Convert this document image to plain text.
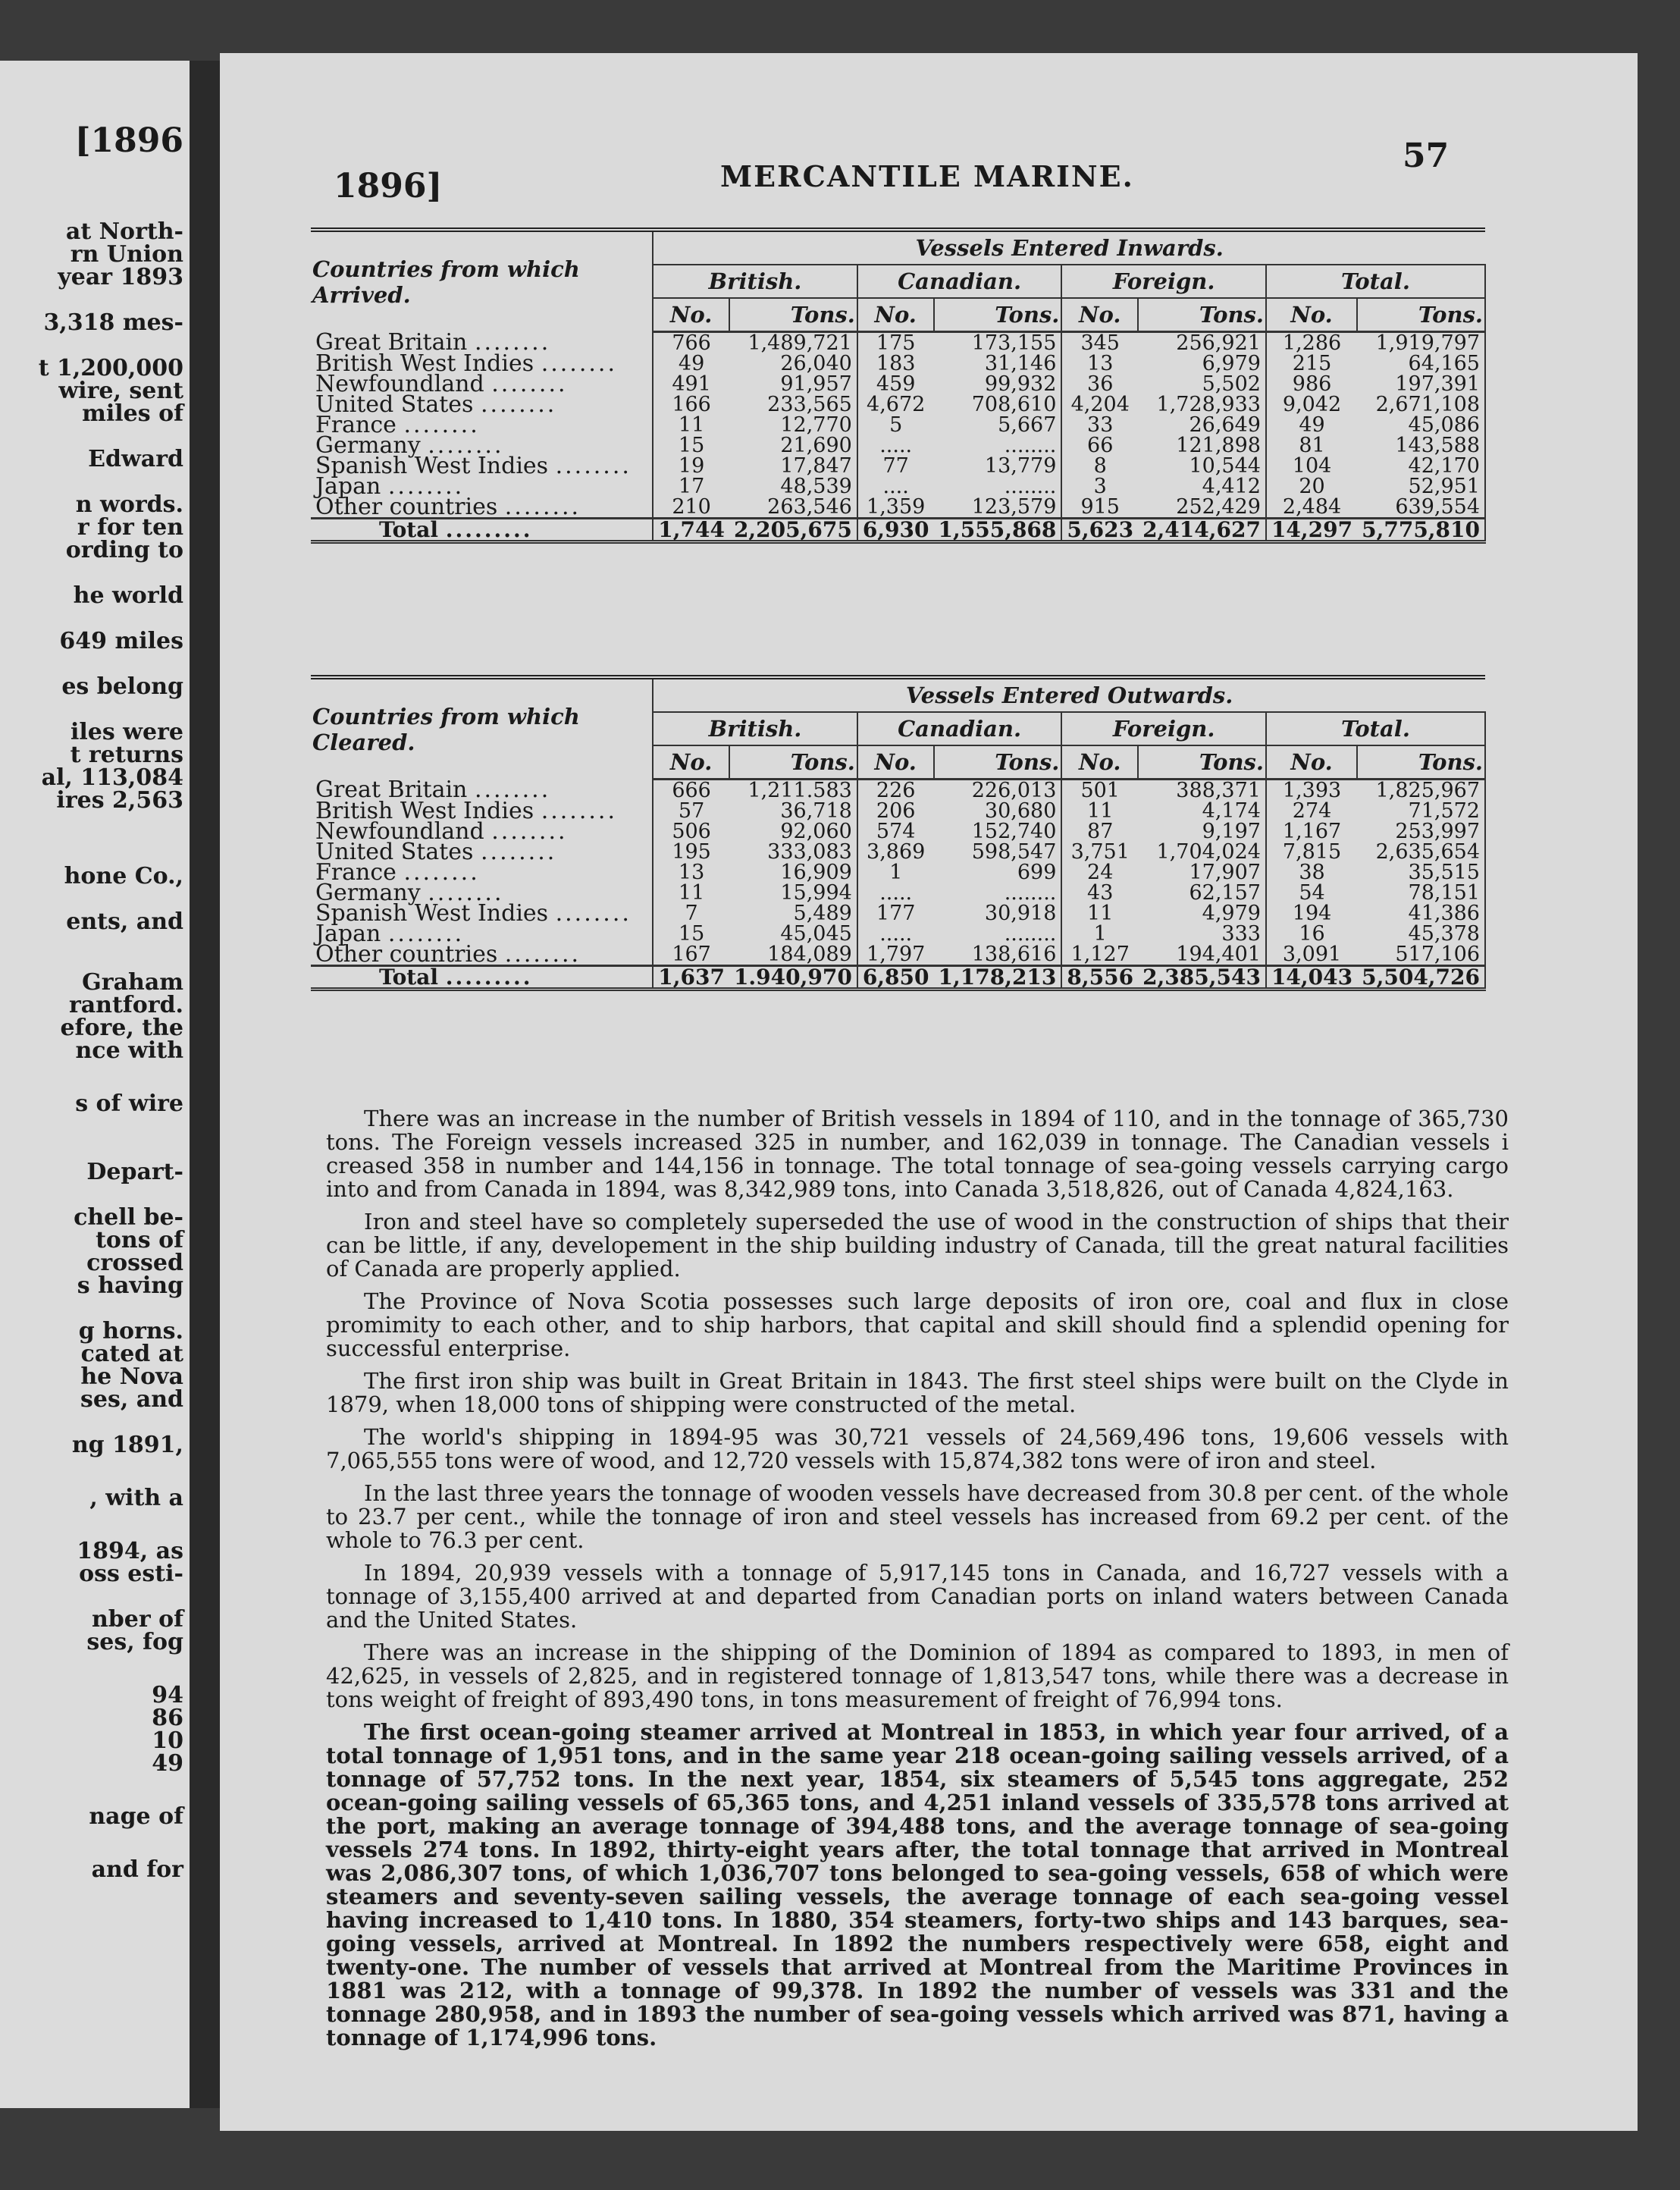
[1896
at North-
rn Union
year 1893
3,318 mes-
t 1,200,000
wire, sent
miles of
Edward
n words.
r for ten
ording to
he world
649 miles
es belong
iles were
t returns
al, 113,084
ires 2,563
hone Co.,
ents, and
Graham
rantford.
efore, the
nce with
s of wire
Depart-
chell be-
tons of
crossed
s having
g horns.
cated at
he Nova
ses, and
ng 1891,
, with a
1894, as
oss esti-
nber of
ses, fog
94
86
10
49
nage of
and for
1896]	MERCANTILE MARINE.
57
Countries from which Arrived.	Vessels Entered Inwards.							
	British.		Canadian.		Foreign.		Total.	
	No.	Tons.	No.	Tons.	No.	Tons.	No.	Tons.
Great Britain ........	766	1,489,721	175	173,155	345	256,921	1,286	1,919,797
British West Indies ........	49	26,040	183	31,146	13	6,979	215	64,165
Newfoundland ........	491	91,957	459	99,932	36	5,502	986	197,391
United States ........	166	233,565	4,672	708,610	4,204	1,728,933	9,042	2,671,108
France ........	11	12,770	5	5,667	33	26,649	49	45,086
Germany ........	15	21,690	.....	........	66	121,898	81	143,588
Spanish West Indies ........	19	17,847	77	13,779	8	10,544	104	42,170
Japan ........	17	48,539	....	........	3	4,412	20	52,951
Other countries ........	210	263,546	1,359	123,579	915	252,429	2,484	639,554
Total .........	1,744	2,205,675	6,930	1,555,868	5,623	2,414,627	14,297	5,775,810
Countries from which Cleared.	Vessels Entered Outwards.							
	British.		Canadian.		Foreign.		Total.	
	No.	Tons.	No.	Tons.	No.	Tons.	No.	Tons.
Great Britain ........	666	1,211.583	226	226,013	501	388,371	1,393	1,825,967
British West Indies ........	57	36,718	206	30,680	11	4,174	274	71,572
Newfoundland ........	506	92,060	574	152,740	87	9,197	1,167	253,997
United States ........	195	333,083	3,869	598,547	3,751	1,704,024	7,815	2,635,654
France ........	13	16,909	1	699	24	17,907	38	35,515
Germany ........	11	15,994	.....	........	43	62,157	54	78,151
Spanish West Indies ........	7	5,489	177	30,918	11	4,979	194	41,386
Japan ........	15	45,045	.....	........	1	333	16	45,378
Other countries ........	167	184,089	1,797	138,616	1,127	194,401	3,091	517,106
Total .........	1,637	1.940,970	6,850	1,178,213	8,556	2,385,543	14,043	5,504,726

There was an increase in the number of British vessels in 1894 of 110, and in the tonnage of 365,730 tons. The Foreign vessels increased 325 in number, and 162,039 in tonnage. The Canadian vessels i creased 358 in number and 144,156 in tonnage. The total tonnage of sea-going vessels carrying cargo into and from Canada in 1894, was 8,342,989 tons, into Canada 3,518,826, out of Canada 4,824,163.

Iron and steel have so completely superseded the use of wood in the construction of ships that their can be little, if any, developement in the ship building industry of Canada, till the great natural facilities of Canada are properly applied.

The Province of Nova Scotia possesses such large deposits of iron ore, coal and flux in close promimity to each other, and to ship harbors, that capital and skill should find a splendid opening for successful enterprise.

The first iron ship was built in Great Britain in 1843. The first steel ships were built on the Clyde in 1879, when 18,000 tons of shipping were constructed of the metal.

The world's shipping in 1894-95 was 30,721 vessels of 24,569,496 tons, 19,606 vessels with 7,065,555 tons were of wood, and 12,720 vessels with 15,874,382 tons were of iron and steel.

In the last three years the tonnage of wooden vessels have decreased from 30.8 per cent. of the whole to 23.7 per cent., while the tonnage of iron and steel vessels has increased from 69.2 per cent. of the whole to 76.3 per cent.

In 1894, 20,939 vessels with a tonnage of 5,917,145 tons in Canada, and 16,727 vessels with a tonnage of 3,155,400 arrived at and departed from Canadian ports on inland waters between Canada and the United States.

There was an increase in the shipping of the Dominion of 1894 as compared to 1893, in men of 42,625, in vessels of 2,825, and in registered tonnage of 1,813,547 tons, while there was a decrease in tons weight of freight of 893,490 tons, in tons measurement of freight of 76,994 tons.

The first ocean-going steamer arrived at Montreal in 1853, in which year four arrived, of a total tonnage of 1,951 tons, and in the same year 218 ocean-going sailing vessels arrived, of a tonnage of 57,752 tons. In the next year, 1854, six steamers of 5,545 tons aggregate, 252 ocean-going sailing vessels of 65,365 tons, and 4,251 inland vessels of 335,578 tons arrived at the port, making an average tonnage of 394,488 tons, and the average tonnage of sea-going vessels 274 tons. In 1892, thirty-eight years after, the total tonnage that arrived in Montreal was 2,086,307 tons, of which 1,036,707 tons belonged to sea-going vessels, 658 of which were steamers and seventy-seven sailing vessels, the average tonnage of each sea-going vessel having increased to 1,410 tons. In 1880, 354 steamers, forty-two ships and 143 barques, sea-going vessels, arrived at Montreal. In 1892 the numbers respectively were 658, eight and twenty-one. The number of vessels that arrived at Montreal from the Maritime Provinces in 1881 was 212, with a tonnage of 99,378. In 1892 the number of vessels was 331 and the tonnage 280,958, and in 1893 the number of sea-going vessels which arrived was 871, having a tonnage of 1,174,996 tons.
